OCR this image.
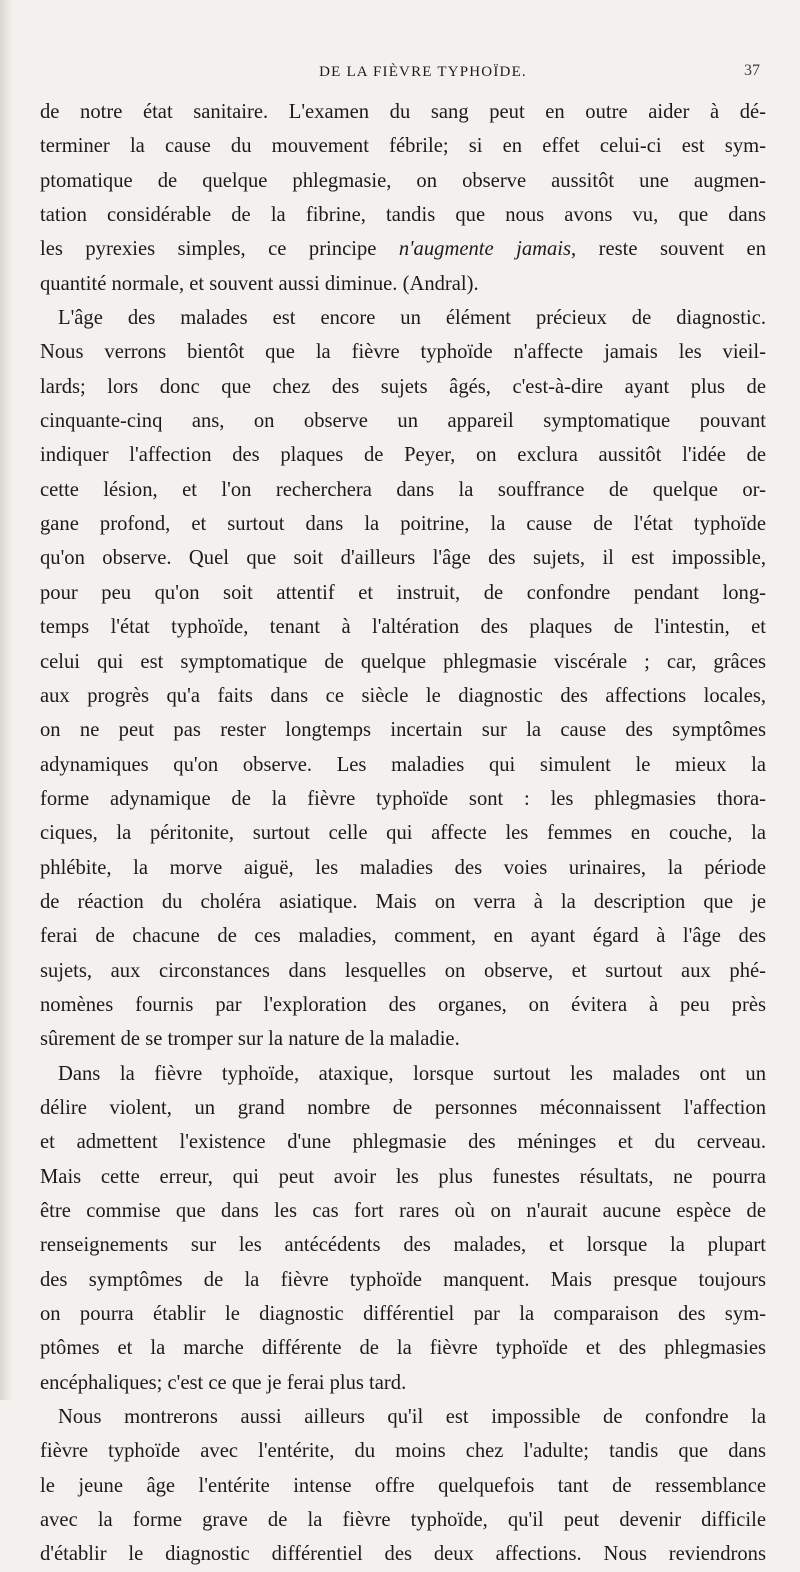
DE LA FIÈVRE TYPHOÏDE.	37

de notre état sanitaire. L'examen du sang peut en outre aider à dé-
terminer la cause du mouvement fébrile; si en effet celui-ci est sym-
ptomatique de quelque phlegmasie, on observe aussitôt une augmen-
tation considérable de la fibrine, tandis que nous avons vu, que dans
les pyrexies simples, ce principe n'augmente jamais, reste souvent en
quantité normale, et souvent aussi diminue. (Andral).

L'âge des malades est encore un élément précieux de diagnostic.
Nous verrons bientôt que la fièvre typhoïde n'affecte jamais les vieil-
lards; lors donc que chez des sujets âgés, c'est-à-dire ayant plus de
cinquante-cinq ans, on observe un appareil symptomatique pouvant
indiquer l'affection des plaques de Peyer, on exclura aussitôt l'idée de
cette lésion, et l'on recherchera dans la souffrance de quelque or-
gane profond, et surtout dans la poitrine, la cause de l'état typhoïde
qu'on observe. Quel que soit d'ailleurs l'âge des sujets, il est impossible,
pour peu qu'on soit attentif et instruit, de confondre pendant long-
temps l'état typhoïde, tenant à l'altération des plaques de l'intestin, et
celui qui est symptomatique de quelque phlegmasie viscérale ; car, grâces
aux progrès qu'a faits dans ce siècle le diagnostic des affections locales,
on ne peut pas rester longtemps incertain sur la cause des symptômes
adynamiques qu'on observe. Les maladies qui simulent le mieux la
forme adynamique de la fièvre typhoïde sont : les phlegmasies thora-
ciques, la péritonite, surtout celle qui affecte les femmes en couche, la
phlébite, la morve aiguë, les maladies des voies urinaires, la période
de réaction du choléra asiatique. Mais on verra à la description que je
ferai de chacune de ces maladies, comment, en ayant égard à l'âge des
sujets, aux circonstances dans lesquelles on observe, et surtout aux phé-
nomènes fournis par l'exploration des organes, on évitera à peu près
sûrement de se tromper sur la nature de la maladie.

Dans la fièvre typhoïde, ataxique, lorsque surtout les malades ont un
délire violent, un grand nombre de personnes méconnaissent l'affection
et admettent l'existence d'une phlegmasie des méninges et du cerveau.
Mais cette erreur, qui peut avoir les plus funestes résultats, ne pourra
être commise que dans les cas fort rares où on n'aurait aucune espèce de
renseignements sur les antécédents des malades, et lorsque la plupart
des symptômes de la fièvre typhoïde manquent. Mais presque toujours
on pourra établir le diagnostic différentiel par la comparaison des sym-
ptômes et la marche différente de la fièvre typhoïde et des phlegmasies
encéphaliques; c'est ce que je ferai plus tard.

Nous montrerons aussi ailleurs qu'il est impossible de confondre la
fièvre typhoïde avec l'entérite, du moins chez l'adulte; tandis que dans
le jeune âge l'entérite intense offre quelquefois tant de ressemblance
avec la forme grave de la fièvre typhoïde, qu'il peut devenir difficile
d'établir le diagnostic différentiel des deux affections. Nous reviendrons
